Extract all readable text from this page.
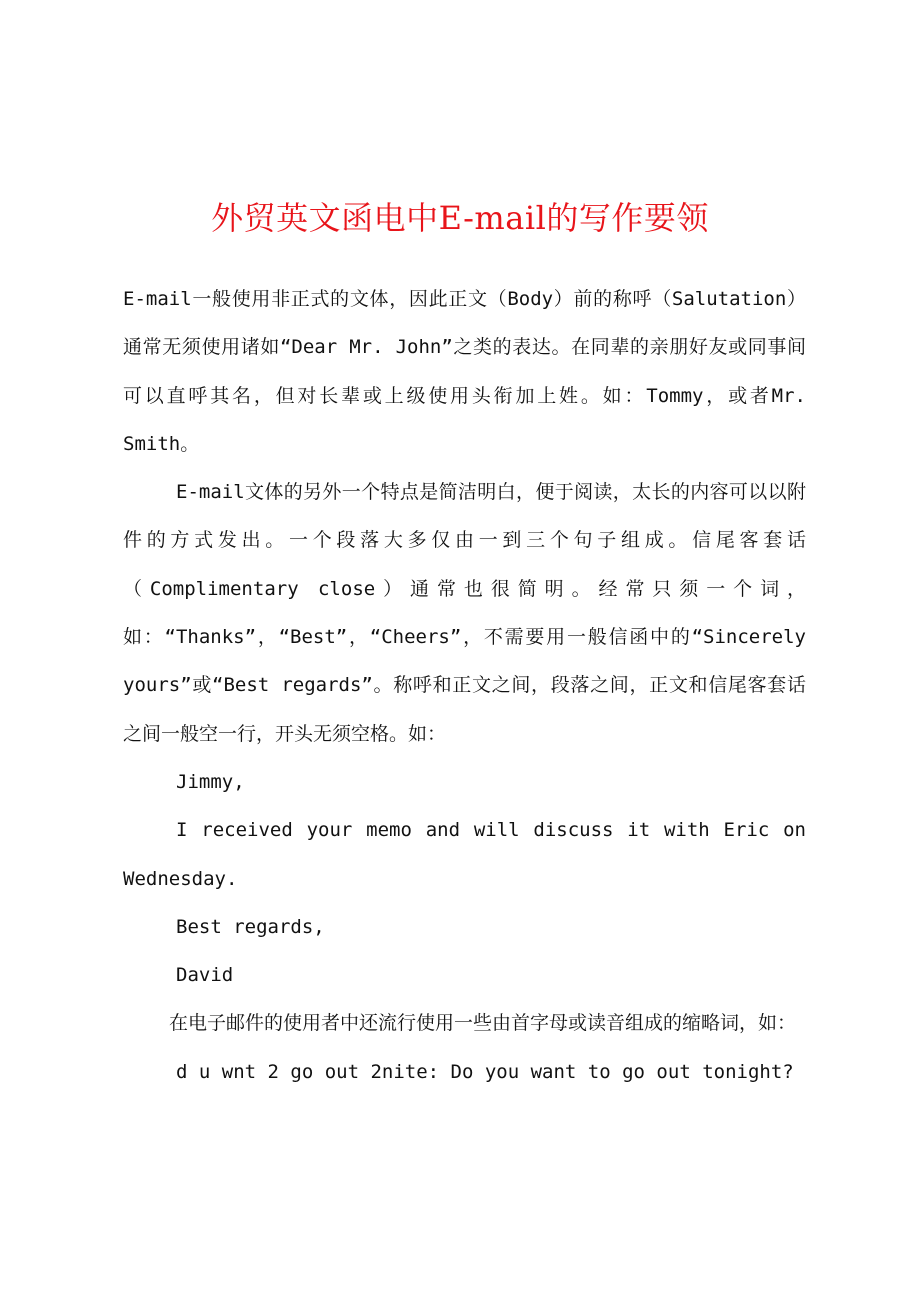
外贸英文函电中E-mail的写作要领

E-mail一般使用非正式的文体，因此正文（Body）前的称呼（Salutation）通常无须使用诸如“Dear Mr. John”之类的表达。在同辈的亲朋好友或同事间可以直呼其名，但对长辈或上级使用头衔加上姓。如：Tommy，或者Mr. Smith。

E-mail文体的另外一个特点是简洁明白，便于阅读，太长的内容可以以附件的方式发出。一个段落大多仅由一到三个句子组成。信尾客套话（Complimentary close）通常也很简明。经常只须一个词，如：“Thanks”，“Best”，“Cheers”，不需要用一般信函中的“Sincerely yours”或“Best regards”。称呼和正文之间，段落之间，正文和信尾客套话之间一般空一行，开头无须空格。如：

Jimmy,

I received your memo and will discuss it with Eric on Wednesday.

Best regards,

David

在电子邮件的使用者中还流行使用一些由首字母或读音组成的缩略词，如：

d u wnt 2 go out 2nite: Do you want to go out tonight?
